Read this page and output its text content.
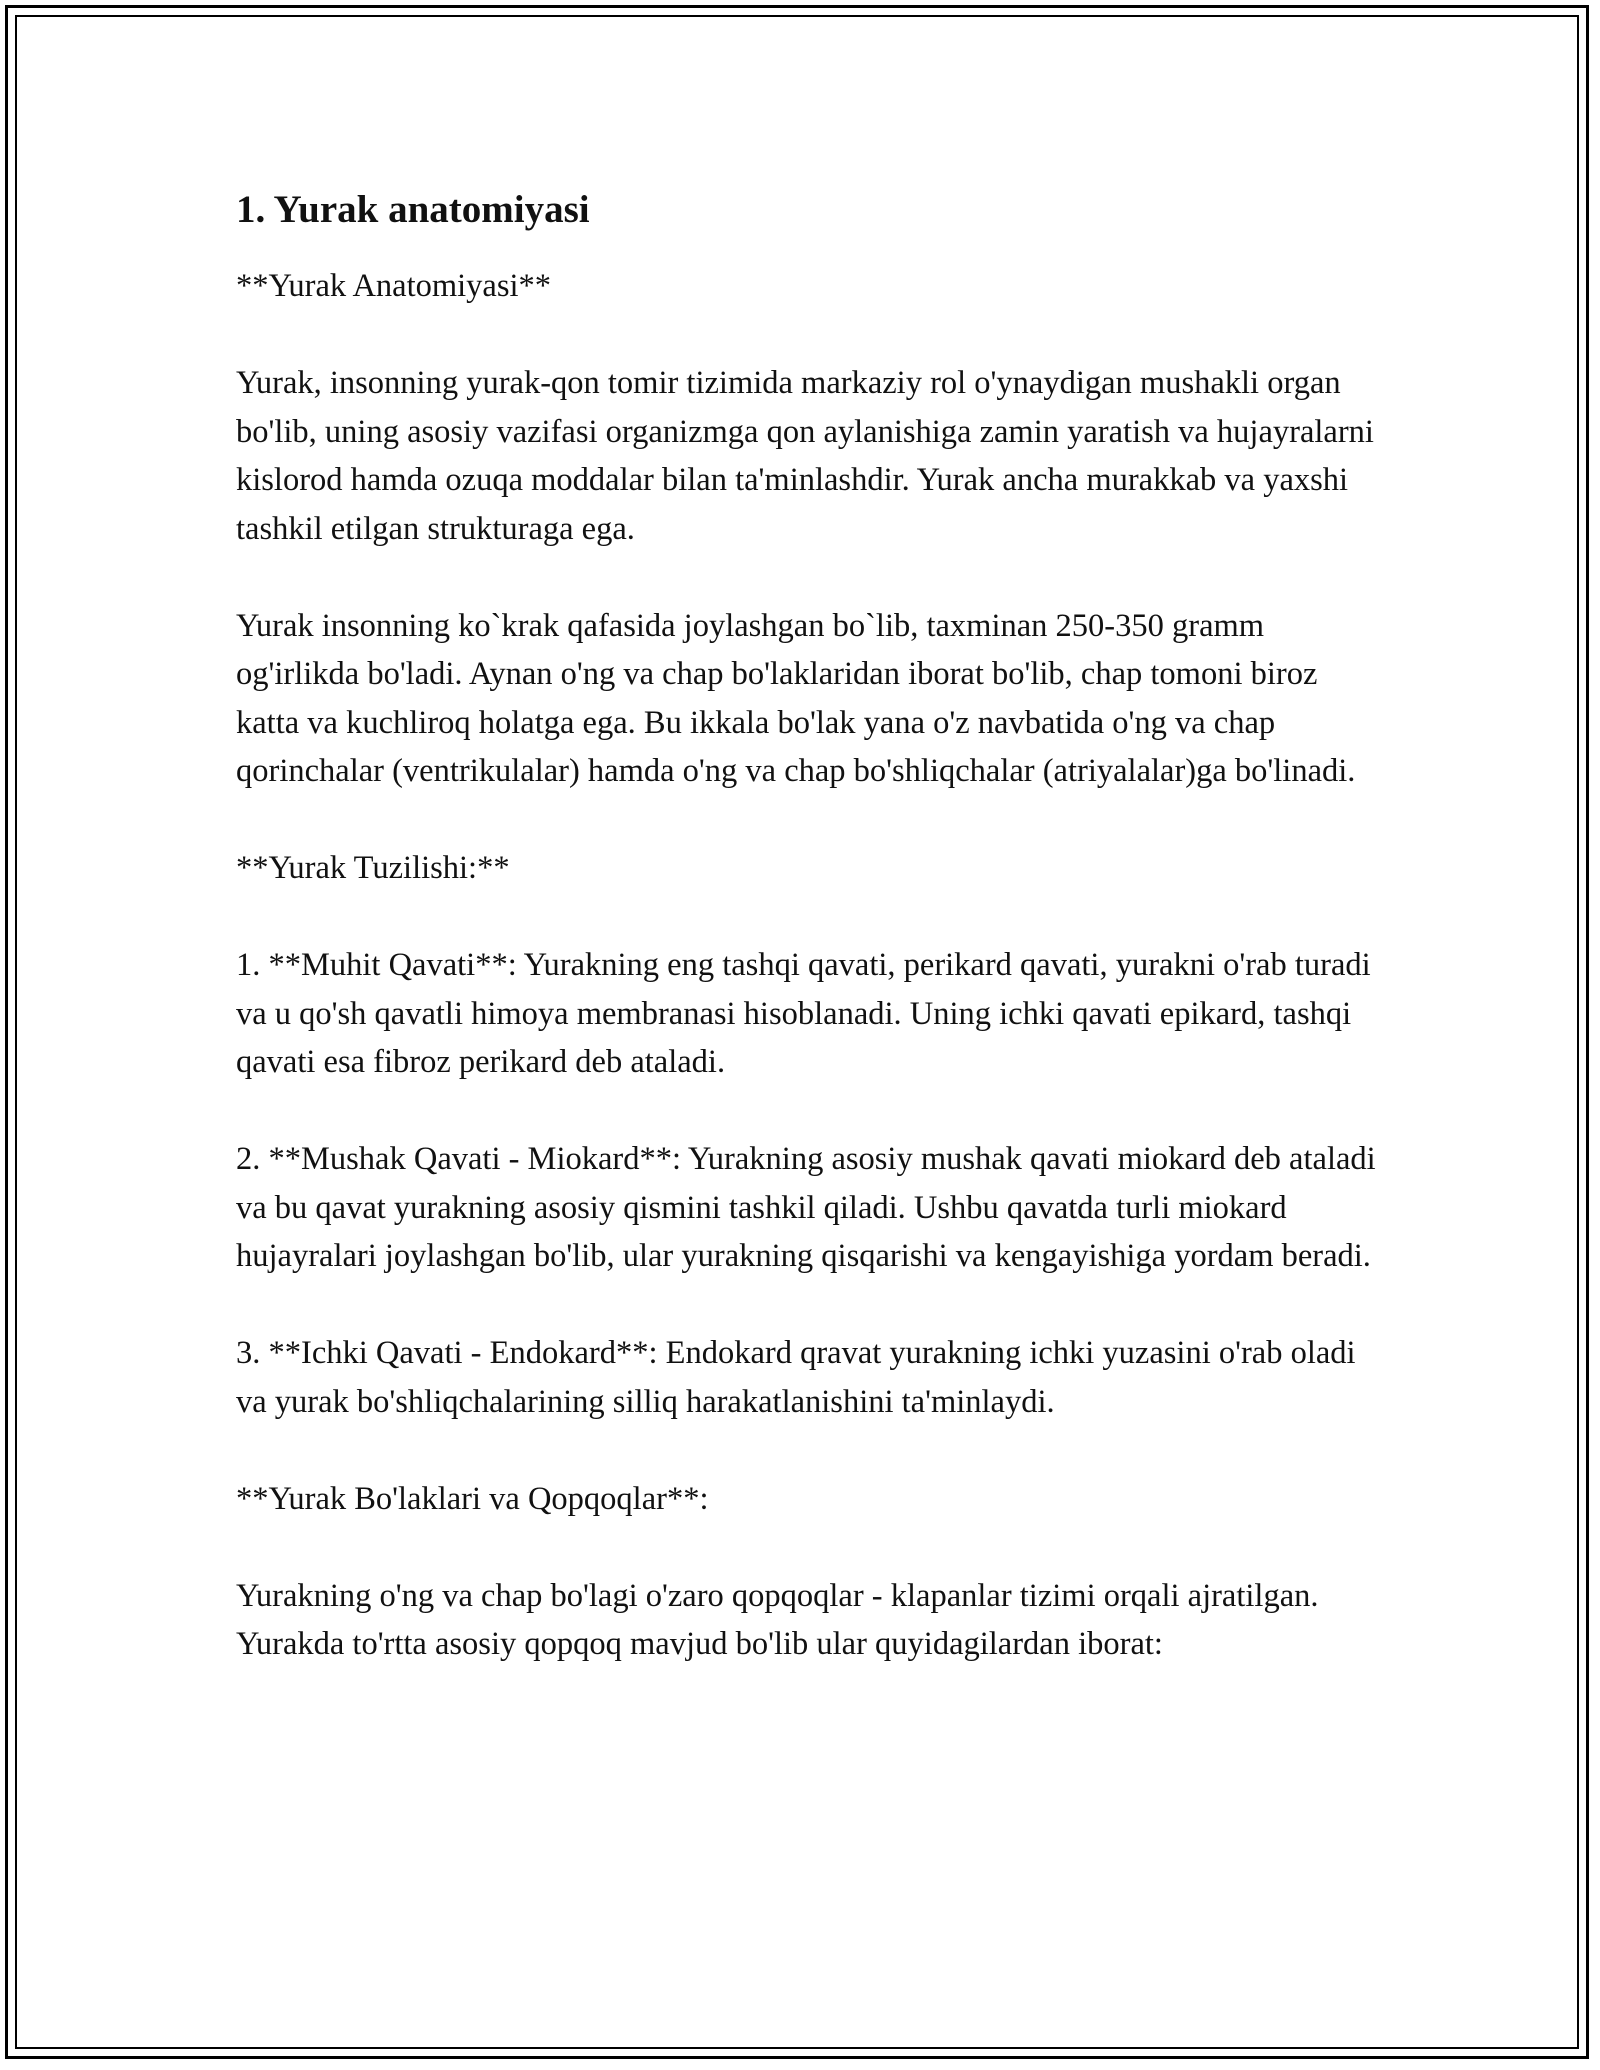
1. Yurak anatomiyasi

**Yurak Anatomiyasi**

Yurak, insonning yurak-qon tomir tizimida markaziy rol o'ynaydigan mushakli organ bo'lib, uning asosiy vazifasi organizmga qon aylanishiga zamin yaratish va hujayralarni kislorod hamda ozuqa moddalar bilan ta'minlashdir. Yurak ancha murakkab va yaxshi tashkil etilgan strukturaga ega.

Yurak insonning ko`krak qafasida joylashgan bo`lib, taxminan 250-350 gramm og'irlikda bo'ladi. Aynan o'ng va chap bo'laklaridan iborat bo'lib, chap tomoni biroz katta va kuchliroq holatga ega. Bu ikkala bo'lak yana o'z navbatida o'ng va chap qorinchalar (ventrikulalar) hamda o'ng va chap bo'shliqchalar (atriyalalar)ga bo'linadi.

**Yurak Tuzilishi:**

1. **Muhit Qavati**: Yurakning eng tashqi qavati, perikard qavati, yurakni o'rab turadi va u qo'sh qavatli himoya membranasi hisoblanadi. Uning ichki qavati epikard, tashqi qavati esa fibroz perikard deb ataladi.

2. **Mushak Qavati - Miokard**: Yurakning asosiy mushak qavati miokard deb ataladi va bu qavat yurakning asosiy qismini tashkil qiladi. Ushbu qavatda turli miokard hujayralari joylashgan bo'lib, ular yurakning qisqarishi va kengayishiga yordam beradi.

3. **Ichki Qavati - Endokard**: Endokard qravat yurakning ichki yuzasini o'rab oladi va yurak bo'shliqchalarining silliq harakatlanishini ta'minlaydi.

**Yurak Bo'laklari va Qopqoqlar**:

Yurakning o'ng va chap bo'lagi o'zaro qopqoqlar - klapanlar tizimi orqali ajratilgan. Yurakda to'rtta asosiy qopqoq mavjud bo'lib ular quyidagilardan iborat:
